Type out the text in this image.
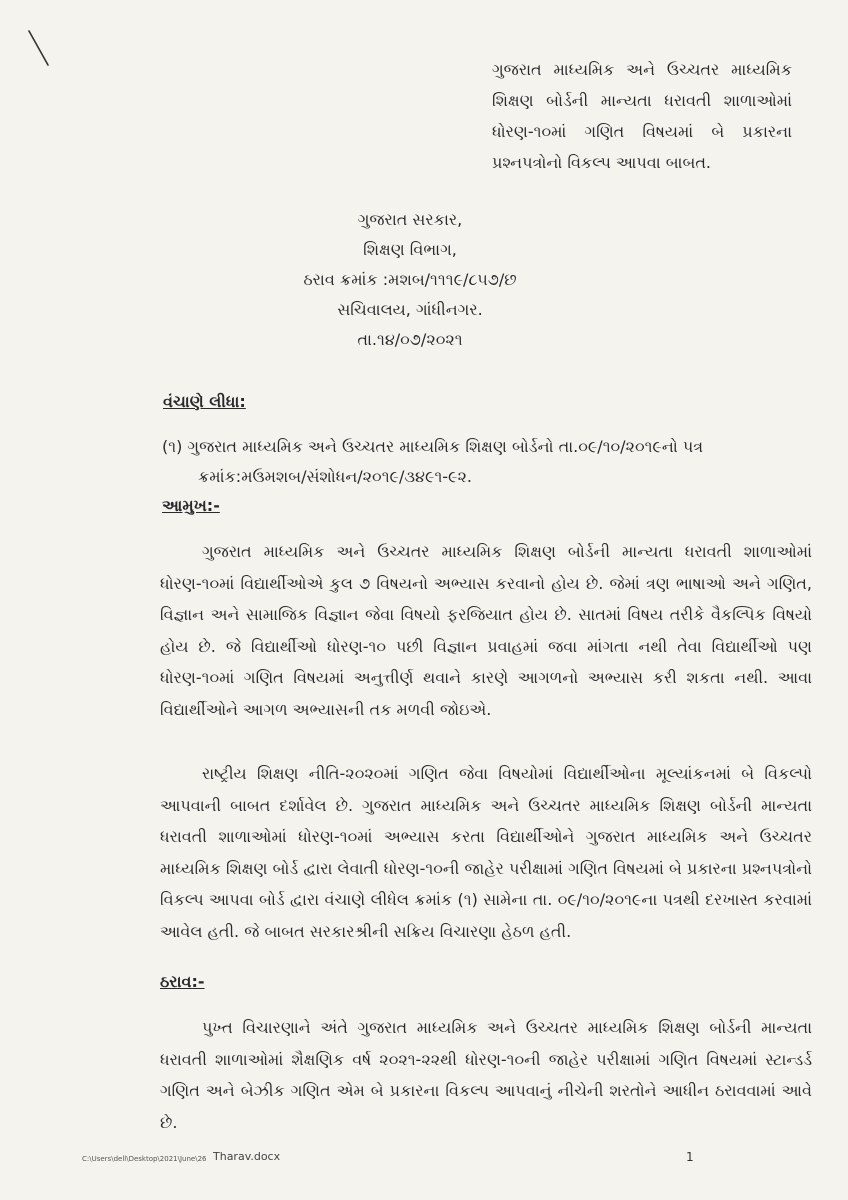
ગુજરાત માધ્યમિક અને ઉચ્ચતર માધ્યમિક શિક્ષણ બોર્ડની માન્યતા ધરાવતી શાળાઓમાં ધોરણ-૧૦માં ગણિત વિષયમાં બે પ્રકારના પ્રશ્નપત્રોનો વિકલ્પ આપવા બાબત.
ગુજરાત સરકાર,
શિક્ષણ વિભાગ,
ઠરાવ ક્રમાંક :મશબ/૧૧૧૯/૮૫૭/છ
સચિવાલય, ગાંધીનગર.
તા.૧૪/૦૭/૨૦૨૧
વંચાણે લીધા:
(૧) ગુજરાત માધ્યમિક અને ઉચ્ચતર માધ્યમિક શિક્ષણ બોર્ડનો તા.૦૯/૧૦/૨૦૧૯નો પત્ર
ક્રમાંક:મઉમશબ/સંશોધન/૨૦૧૯/૩૪૯૧-૯૨.
આમુખ:-
ગુજરાત માધ્યમિક અને ઉચ્ચતર માધ્યમિક શિક્ષણ બોર્ડની માન્યતા ધરાવતી શાળાઓમાં ધોરણ-૧૦માં વિદ્યાર્થીઓએ કુલ ૭ વિષયનો અભ્યાસ કરવાનો હોય છે. જેમાં ત્રણ ભાષાઓ અને ગણિત, વિજ્ઞાન અને સામાજિક વિજ્ઞાન જેવા વિષયો ફરજિયાત હોય છે. સાતમાં વિષય તરીકે વૈકલ્પિક વિષયો હોય છે. જે વિદ્યાર્થીઓ ધોરણ-૧૦ પછી વિજ્ઞાન પ્રવાહમાં જવા માંગતા નથી તેવા વિદ્યાર્થીઓ પણ ધોરણ-૧૦માં ગણિત વિષયમાં અનુત્તીર્ણ થવાને કારણે આગળનો અભ્યાસ કરી શકતા નથી. આવા વિદ્યાર્થીઓને આગળ અભ્યાસની તક મળવી જોઇએ.
રાષ્ટ્રીય શિક્ષણ નીતિ-૨૦૨૦માં ગણિત જેવા વિષયોમાં વિદ્યાર્થીઓના મૂલ્યાંકનમાં બે વિકલ્પો આપવાની બાબત દર્શાવેલ છે. ગુજરાત માધ્યમિક અને ઉચ્ચતર માધ્યમિક શિક્ષણ બોર્ડની માન્યતા ધરાવતી શાળાઓમાં ધોરણ-૧૦માં અભ્યાસ કરતા વિદ્યાર્થીઓને ગુજરાત માધ્યમિક અને ઉચ્ચતર માધ્યમિક શિક્ષણ બોર્ડ દ્વારા લેવાતી ધોરણ-૧૦ની જાહેર પરીક્ષામાં ગણિત વિષયમાં બે પ્રકારના પ્રશ્નપત્રોનો વિકલ્પ આપવા બોર્ડ દ્વારા વંચાણે લીધેલ ક્રમાંક (૧) સામેના તા. ૦૯/૧૦/૨૦૧૯ના પત્રથી દરખાસ્ત કરવામાં આવેલ હતી. જે બાબત સરકારશ્રીની સક્રિય વિચારણા હેઠળ હતી.
ઠરાવ:-
પુખ્ત વિચારણાને અંતે ગુજરાત માધ્યમિક અને ઉચ્ચતર માધ્યમિક શિક્ષણ બોર્ડની માન્યતા ધરાવતી શાળાઓમાં શૈક્ષણિક વર્ષ ૨૦૨૧-૨૨થી ધોરણ-૧૦ની જાહેર પરીક્ષામાં ગણિત વિષયમાં સ્ટાન્ડર્ડ ગણિત અને બેઝીક ગણિત એમ બે પ્રકારના વિકલ્પ આપવાનું નીચેની શરતોને આધીન ઠરાવવામાં આવે છે.
C:\Users\dell\Desktop\2021\June\26 Tharav.docx	1
